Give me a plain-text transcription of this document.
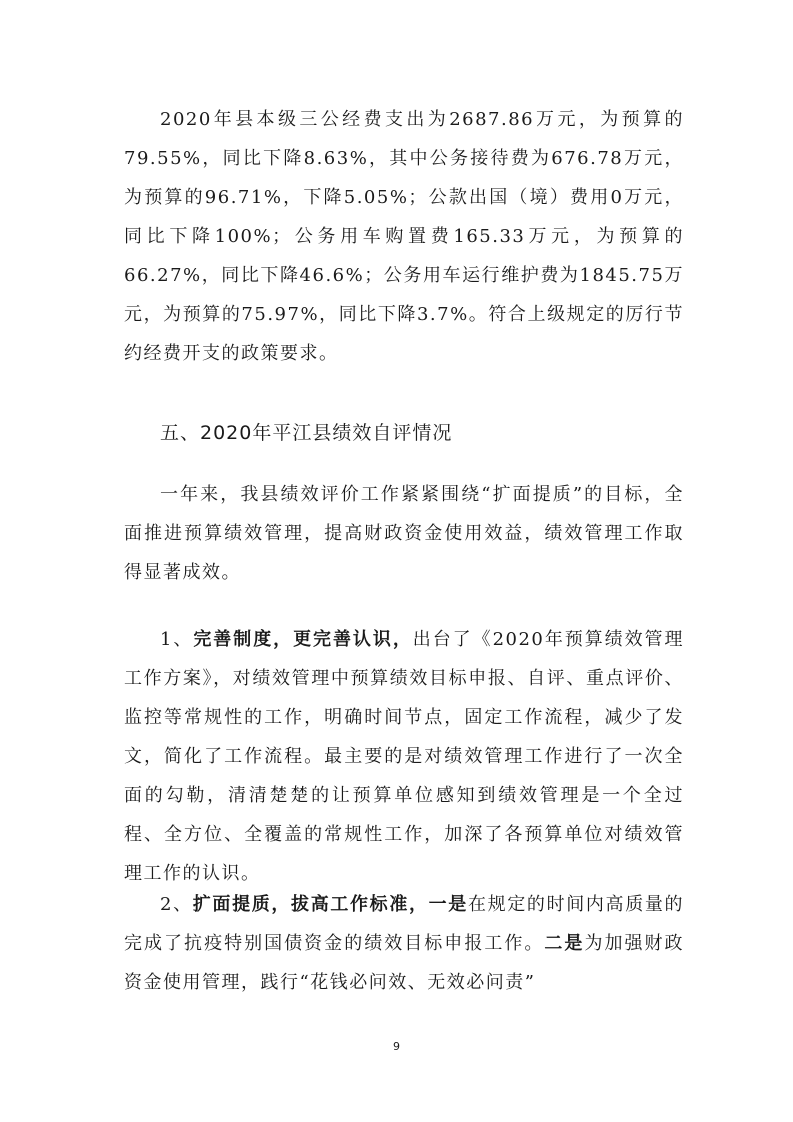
2020年县本级三公经费支出为2687.86万元，为预算的79.55%，同比下降8.63%，其中公务接待费为676.78万元，为预算的96.71%，下降5.05%；公款出国（境）费用0万元，同比下降100%；公务用车购置费165.33万元，为预算的66.27%，同比下降46.6%；公务用车运行维护费为1845.75万元，为预算的75.97%，同比下降3.7%。符合上级规定的厉行节约经费开支的政策要求。

五、2020年平江县绩效自评情况

一年来，我县绩效评价工作紧紧围绕“扩面提质”的目标，全面推进预算绩效管理，提高财政资金使用效益，绩效管理工作取得显著成效。

1、完善制度，更完善认识，出台了《2020年预算绩效管理工作方案》，对绩效管理中预算绩效目标申报、自评、重点评价、监控等常规性的工作，明确时间节点，固定工作流程，减少了发文，简化了工作流程。最主要的是对绩效管理工作进行了一次全面的勾勒，清清楚楚的让预算单位感知到绩效管理是一个全过程、全方位、全覆盖的常规性工作，加深了各预算单位对绩效管理工作的认识。

2、扩面提质，拔高工作标准，一是在规定的时间内高质量的完成了抗疫特别国债资金的绩效目标申报工作。二是为加强财政资金使用管理，践行“花钱必问效、无效必问责”

9
